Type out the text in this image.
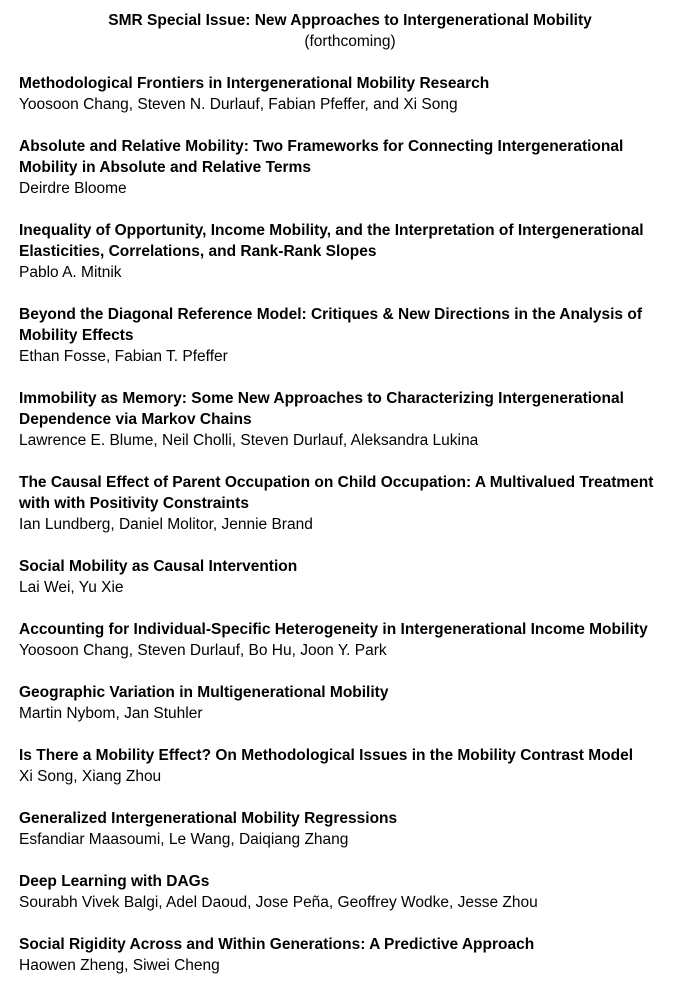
SMR Special Issue: New Approaches to Intergenerational Mobility

(forthcoming)

Methodological Frontiers in Intergenerational Mobility Research

Yoosoon Chang, Steven N. Durlauf, Fabian Pfeffer, and Xi Song

Absolute and Relative Mobility: Two Frameworks for Connecting Intergenerational Mobility in Absolute and Relative Terms

Deirdre Bloome

Inequality of Opportunity, Income Mobility, and the Interpretation of Intergenerational Elasticities, Correlations, and Rank-Rank Slopes

Pablo A. Mitnik

Beyond the Diagonal Reference Model: Critiques & New Directions in the Analysis of Mobility Effects

Ethan Fosse, Fabian T. Pfeffer

Immobility as Memory: Some New Approaches to Characterizing Intergenerational Dependence via Markov Chains

Lawrence E. Blume, Neil Cholli, Steven Durlauf, Aleksandra Lukina

The Causal Effect of Parent Occupation on Child Occupation: A Multivalued Treatment with with Positivity Constraints

Ian Lundberg, Daniel Molitor, Jennie Brand

Social Mobility as Causal Intervention

Lai Wei, Yu Xie

Accounting for Individual-Specific Heterogeneity in Intergenerational Income Mobility

Yoosoon Chang, Steven Durlauf, Bo Hu, Joon Y. Park

Geographic Variation in Multigenerational Mobility

Martin Nybom, Jan Stuhler

Is There a Mobility Effect? On Methodological Issues in the Mobility Contrast Model

Xi Song, Xiang Zhou

Generalized Intergenerational Mobility Regressions

Esfandiar Maasoumi, Le Wang, Daiqiang Zhang

Deep Learning with DAGs

Sourabh Vivek Balgi, Adel Daoud, Jose Peña, Geoffrey Wodke, Jesse Zhou

Social Rigidity Across and Within Generations: A Predictive Approach

Haowen Zheng, Siwei Cheng
